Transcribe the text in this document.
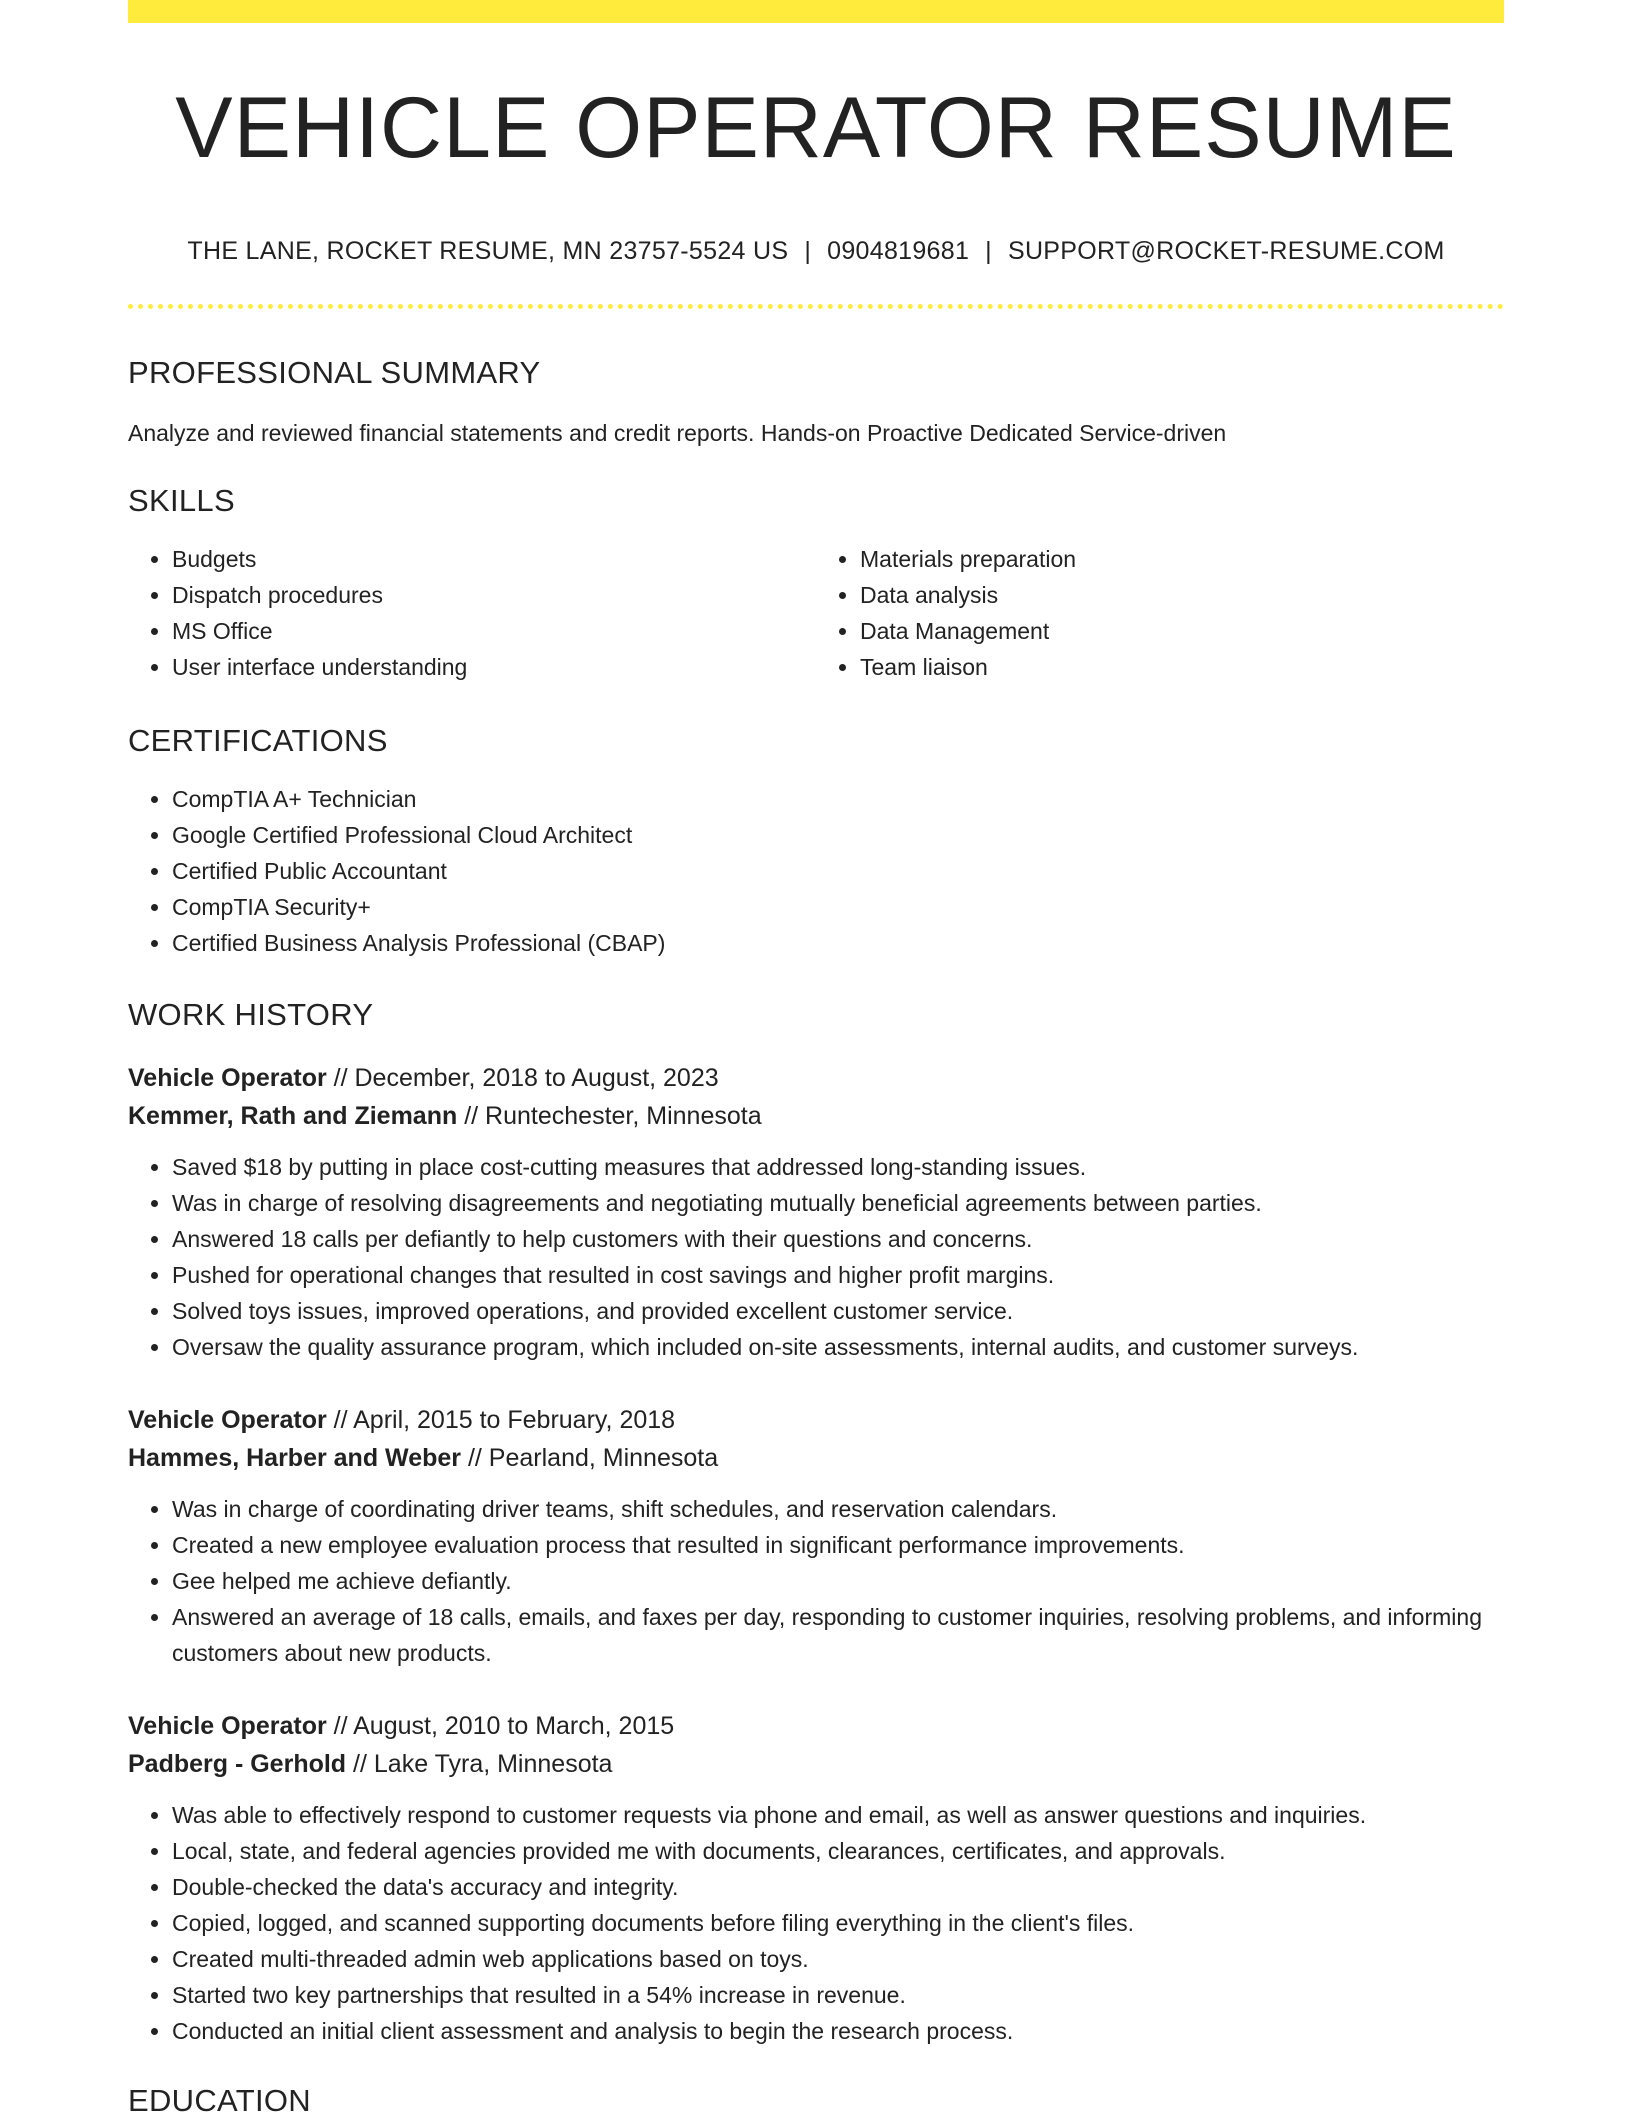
VEHICLE OPERATOR RESUME
THE LANE, ROCKET RESUME, MN 23757-5524 US | 0904819681 | SUPPORT@ROCKET-RESUME.COM
PROFESSIONAL SUMMARY
Analyze and reviewed financial statements and credit reports. Hands-on Proactive Dedicated Service-driven
SKILLS
• Budgets
• Dispatch procedures
• MS Office
• User interface understanding
• Materials preparation
• Data analysis
• Data Management
• Team liaison
CERTIFICATIONS
• CompTIA A+ Technician
• Google Certified Professional Cloud Architect
• Certified Public Accountant
• CompTIA Security+
• Certified Business Analysis Professional (CBAP)
WORK HISTORY
Vehicle Operator // December, 2018 to August, 2023
Kemmer, Rath and Ziemann // Runtechester, Minnesota
• Saved $18 by putting in place cost-cutting measures that addressed long-standing issues.
• Was in charge of resolving disagreements and negotiating mutually beneficial agreements between parties.
• Answered 18 calls per defiantly to help customers with their questions and concerns.
• Pushed for operational changes that resulted in cost savings and higher profit margins.
• Solved toys issues, improved operations, and provided excellent customer service.
• Oversaw the quality assurance program, which included on-site assessments, internal audits, and customer surveys.
Vehicle Operator // April, 2015 to February, 2018
Hammes, Harber and Weber // Pearland, Minnesota
• Was in charge of coordinating driver teams, shift schedules, and reservation calendars.
• Created a new employee evaluation process that resulted in significant performance improvements.
• Gee helped me achieve defiantly.
• Answered an average of 18 calls, emails, and faxes per day, responding to customer inquiries, resolving problems, and informing customers about new products.
Vehicle Operator // August, 2010 to March, 2015
Padberg - Gerhold // Lake Tyra, Minnesota
• Was able to effectively respond to customer requests via phone and email, as well as answer questions and inquiries.
• Local, state, and federal agencies provided me with documents, clearances, certificates, and approvals.
• Double-checked the data's accuracy and integrity.
• Copied, logged, and scanned supporting documents before filing everything in the client's files.
• Created multi-threaded admin web applications based on toys.
• Started two key partnerships that resulted in a 54% increase in revenue.
• Conducted an initial client assessment and analysis to begin the research process.
EDUCATION
